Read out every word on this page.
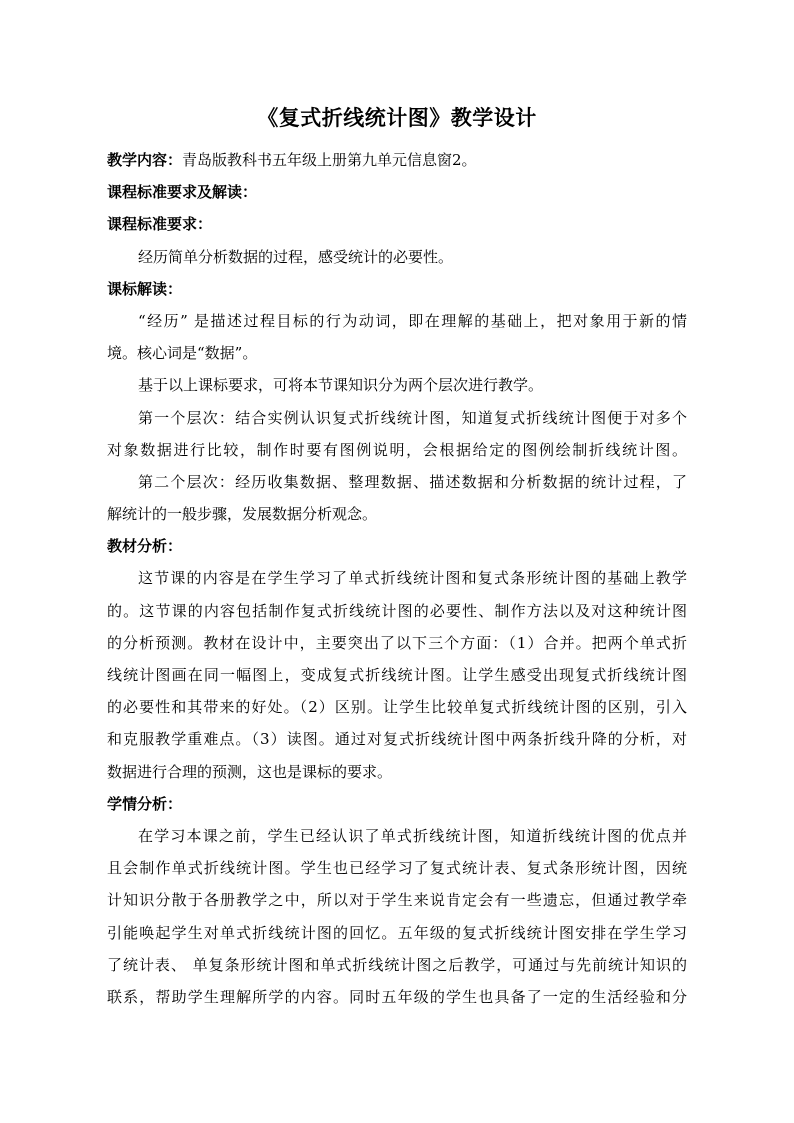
《复式折线统计图》教学设计
教学内容：青岛版教科书五年级上册第九单元信息窗2。
课程标准要求及解读：
课程标准要求：
经历简单分析数据的过程，感受统计的必要性。
课标解读：
“经历” 是描述过程目标的行为动词，即在理解的基础上，把对象用于新的情
境。核心词是“数据”。
基于以上课标要求，可将本节课知识分为两个层次进行教学。
第一个层次：结合实例认识复式折线统计图，知道复式折线统计图便于对多个
对象数据进行比较，制作时要有图例说明，会根据给定的图例绘制折线统计图。
第二个层次：经历收集数据、整理数据、描述数据和分析数据的统计过程，了
解统计的一般步骤，发展数据分析观念。
教材分析：
这节课的内容是在学生学习了单式折线统计图和复式条形统计图的基础上教学
的。这节课的内容包括制作复式折线统计图的必要性、制作方法以及对这种统计图
的分析预测。教材在设计中，主要突出了以下三个方面：（1）合并。把两个单式折
线统计图画在同一幅图上，变成复式折线统计图。让学生感受出现复式折线统计图
的必要性和其带来的好处。（2）区别。让学生比较单复式折线统计图的区别，引入
和克服教学重难点。（3）读图。通过对复式折线统计图中两条折线升降的分析，对
数据进行合理的预测，这也是课标的要求。
学情分析：
在学习本课之前，学生已经认识了单式折线统计图，知道折线统计图的优点并
且会制作单式折线统计图。学生也已经学习了复式统计表、复式条形统计图，因统
计知识分散于各册教学之中，所以对于学生来说肯定会有一些遗忘，但通过教学牵
引能唤起学生对单式折线统计图的回忆。五年级的复式折线统计图安排在学生学习
了统计表、 单复条形统计图和单式折线统计图之后教学，可通过与先前统计知识的
联系，帮助学生理解所学的内容。同时五年级的学生也具备了一定的生活经验和分
